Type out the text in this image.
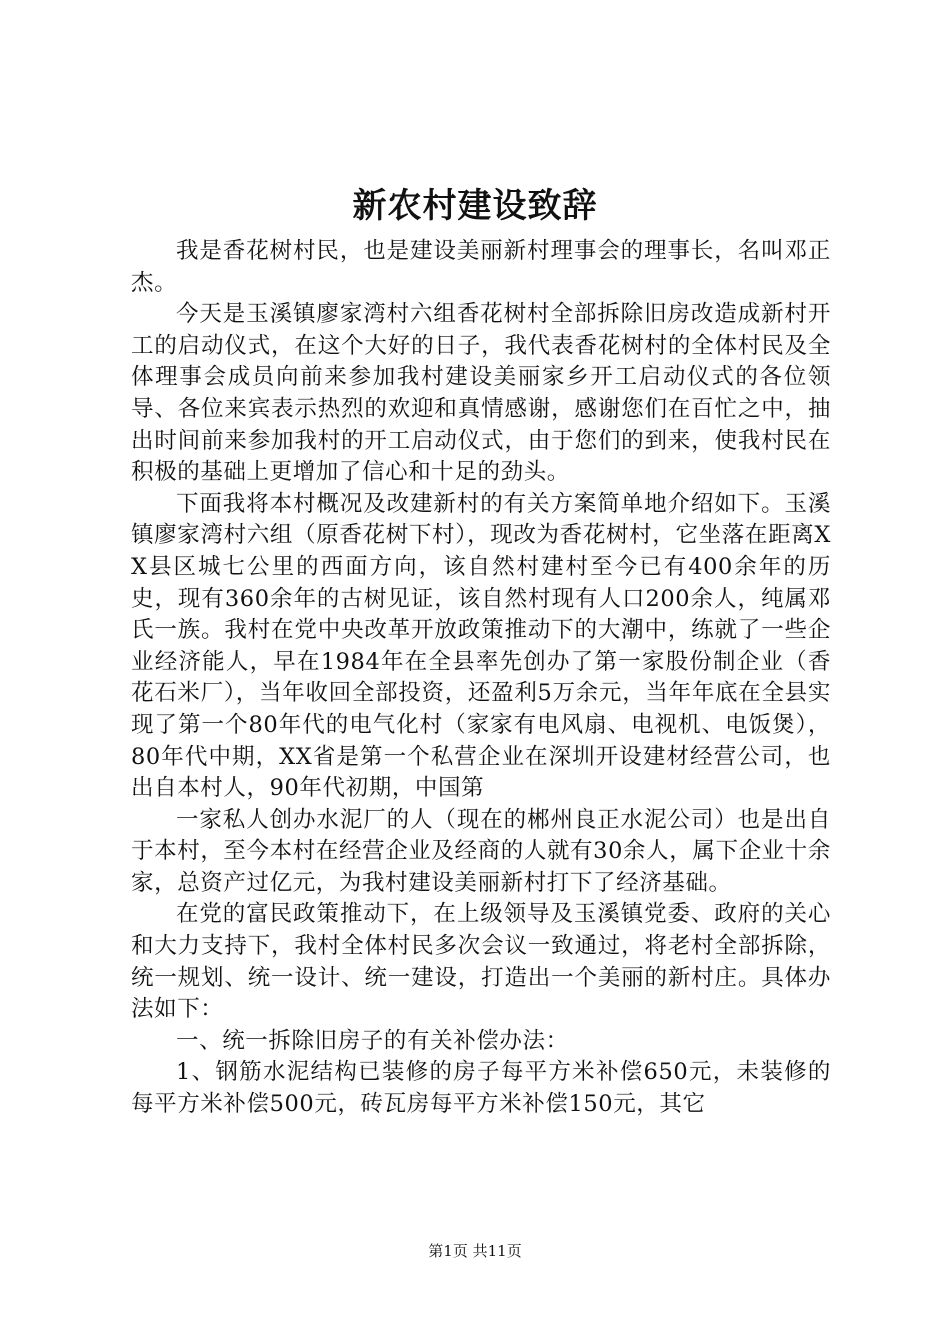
新农村建设致辞

我是香花树村民，也是建设美丽新村理事会的理事长，名叫邓正杰。

今天是玉溪镇廖家湾村六组香花树村全部拆除旧房改造成新村开工的启动仪式，在这个大好的日子，我代表香花树村的全体村民及全体理事会成员向前来参加我村建设美丽家乡开工启动仪式的各位领导、各位来宾表示热烈的欢迎和真情感谢，感谢您们在百忙之中，抽出时间前来参加我村的开工启动仪式，由于您们的到来，使我村民在积极的基础上更增加了信心和十足的劲头。

下面我将本村概况及改建新村的有关方案简单地介绍如下。玉溪镇廖家湾村六组（原香花树下村），现改为香花树村，它坐落在距离XX县区城七公里的西面方向，该自然村建村至今已有400余年的历史，现有360余年的古树见证，该自然村现有人口200余人，纯属邓氏一族。我村在党中央改革开放政策推动下的大潮中，练就了一些企业经济能人，早在1984年在全县率先创办了第一家股份制企业（香花石米厂），当年收回全部投资，还盈利5万余元，当年年底在全县实现了第一个80年代的电气化村（家家有电风扇、电视机、电饭煲），80年代中期，XX省是第一个私营企业在深圳开设建材经营公司，也出自本村人，90年代初期，中国第

一家私人创办水泥厂的人（现在的郴州良正水泥公司）也是出自于本村，至今本村在经营企业及经商的人就有30余人，属下企业十余家，总资产过亿元，为我村建设美丽新村打下了经济基础。

在党的富民政策推动下，在上级领导及玉溪镇党委、政府的关心和大力支持下，我村全体村民多次会议一致通过，将老村全部拆除，统一规划、统一设计、统一建设，打造出一个美丽的新村庄。具体办法如下：

一、统一拆除旧房子的有关补偿办法：

1、钢筋水泥结构已装修的房子每平方米补偿650元，未装修的每平方米补偿500元，砖瓦房每平方米补偿150元，其它

第1页 共11页
